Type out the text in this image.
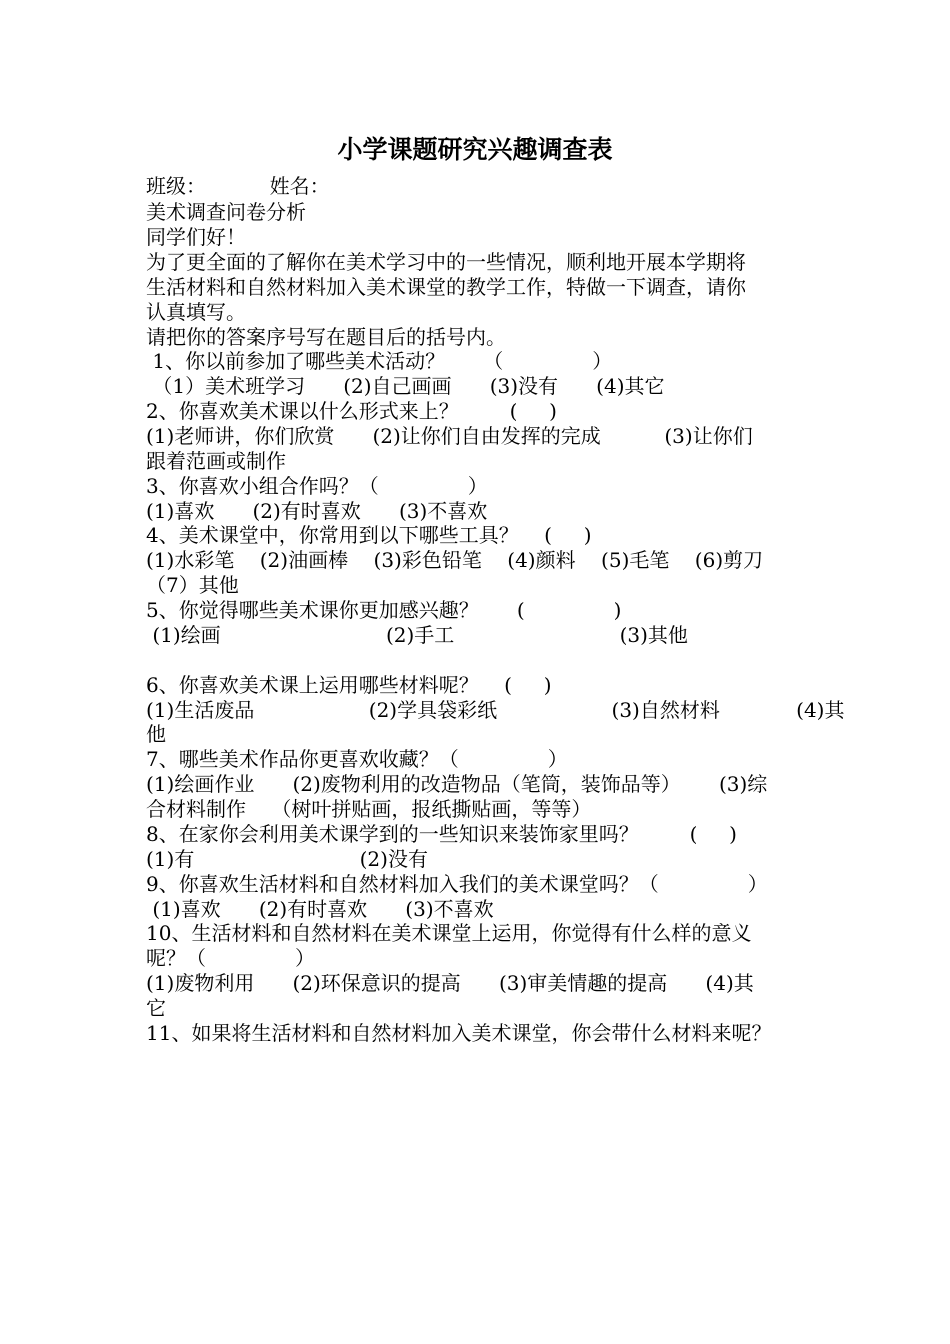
小学课题研究兴趣调查表
班级：          姓名：
美术调查问卷分析
同学们好！
为了更全面的了解你在美术学习中的一些情况，顺利地开展本学期将
生活材料和自然材料加入美术课堂的教学工作，特做一下调查，请你
认真填写。
请把你的答案序号写在题目后的括号内。
1、你以前参加了哪些美术活动？      （              ）
（1）美术班学习      (2)自己画画      (3)没有      (4)其它
2、你喜欢美术课以什么形式来上？        (     )
(1)老师讲，你们欣赏      (2)让你们自由发挥的完成          (3)让你们
跟着范画或制作
3、你喜欢小组合作吗？（              ）
(1)喜欢      (2)有时喜欢      (3)不喜欢
4、美术课堂中，你常用到以下哪些工具？    (     )
(1)水彩笔    (2)油画棒    (3)彩色铅笔    (4)颜料    (5)毛笔    (6)剪刀
（7）其他
5、你觉得哪些美术课你更加感兴趣？      (              )
(1)绘画                          (2)手工                          (3)其他
6、你喜欢美术课上运用哪些材料呢？    (     )
(1)生活废品                  (2)学具袋彩纸                  (3)自然材料            (4)其
他
7、哪些美术作品你更喜欢收藏？（              ）
(1)绘画作业      (2)废物利用的改造物品（笔筒，装饰品等）      (3)综
合材料制作    （树叶拼贴画，报纸撕贴画，等等）
8、在家你会利用美术课学到的一些知识来装饰家里吗？        (     )
(1)有                          (2)没有
9、你喜欢生活材料和自然材料加入我们的美术课堂吗？（              ）
(1)喜欢      (2)有时喜欢      (3)不喜欢
10、生活材料和自然材料在美术课堂上运用，你觉得有什么样的意义
呢？（              ）
(1)废物利用      (2)环保意识的提高      (3)审美情趣的提高      (4)其
它
11、如果将生活材料和自然材料加入美术课堂，你会带什么材料来呢？
